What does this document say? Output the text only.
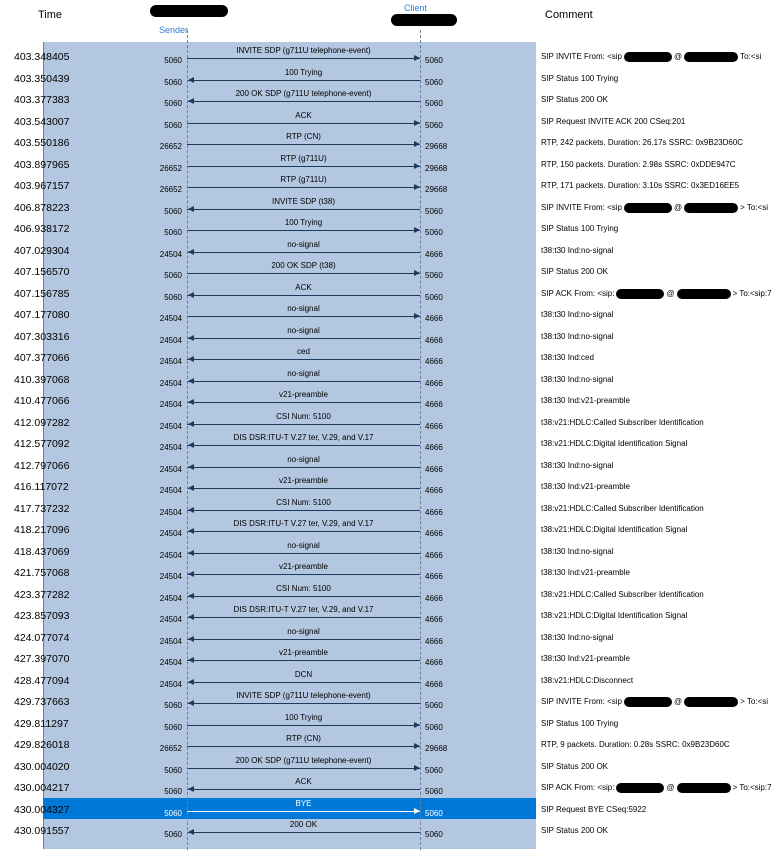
Time	Comment
Sender
Client
403.348405	5060
INVITE SDP (g711U telephone-event)
5060	SIP INVITE From: <sip	@	To:<si
403.350439	5060
100 Trying
5060	SIP Status 100 Trying
403.377383	5060
200 OK SDP (g711U telephone-event)
5060	SIP Status 200 OK
403.543007	5060
ACK
5060	SIP Request INVITE ACK 200 CSeq:201
403.550186	26652
RTP (CN)
29668	RTP, 242 packets. Duration: 26.17s SSRC: 0x9B23D60C
403.897965	26652
RTP (g711U)
29668	RTP, 150 packets. Duration: 2.98s SSRC: 0xDDE947C
403.967157	26652
RTP (g711U)
29668	RTP, 171 packets. Duration: 3.10s SSRC: 0x3ED16EE5
406.878223	5060
INVITE SDP (t38)
5060	SIP INVITE From: <sip	@	> To:<si
406.938172	5060
100 Trying
5060	SIP Status 100 Trying
407.029304	24504
no-signal
4666	t38:t30 Ind:no-signal
407.156570	5060
200 OK SDP (t38)
5060	SIP Status 200 OK
407.156785	5060
ACK
5060	SIP ACK From: <sip:	@	> To:<sip:7
407.177080	24504
no-signal
4666	t38:t30 Ind:no-signal
407.303316	24504
no-signal
4666	t38:t30 Ind:no-signal
407.377066	24504
ced
4666	t38:t30 Ind:ced
410.397068	24504
no-signal
4666	t38:t30 Ind:no-signal
410.477066	24504
v21-preamble
4666	t38:t30 Ind:v21-preamble
412.097282	24504
CSI Num: 5100
4666	t38:v21:HDLC:Called Subscriber Identification
412.577092	24504
DIS DSR:ITU-T V.27 ter, V.29, and V.17
4666	t38:v21:HDLC:Digital Identification Signal
412.797066	24504
no-signal
4666	t38:t30 Ind:no-signal
416.117072	24504
v21-preamble
4666	t38:t30 Ind:v21-preamble
417.737232	24504
CSI Num: 5100
4666	t38:v21:HDLC:Called Subscriber Identification
418.217096	24504
DIS DSR:ITU-T V.27 ter, V.29, and V.17
4666	t38:v21:HDLC:Digital Identification Signal
418.437069	24504
no-signal
4666	t38:t30 Ind:no-signal
421.757068	24504
v21-preamble
4666	t38:t30 Ind:v21-preamble
423.377282	24504
CSI Num: 5100
4666	t38:v21:HDLC:Called Subscriber Identification
423.857093	24504
DIS DSR:ITU-T V.27 ter, V.29, and V.17
4666	t38:v21:HDLC:Digital Identification Signal
424.077074	24504
no-signal
4666	t38:t30 Ind:no-signal
427.397070	24504
v21-preamble
4666	t38:t30 Ind:v21-preamble
428.477094	24504
DCN
4666	t38:v21:HDLC:Disconnect
429.737663	5060
INVITE SDP (g711U telephone-event)
5060	SIP INVITE From: <sip	@	> To:<si
429.811297	5060
100 Trying
5060	SIP Status 100 Trying
429.826018	26652
RTP (CN)
29668	RTP, 9 packets. Duration: 0.28s SSRC: 0x9B23D60C
430.004020	5060
200 OK SDP (g711U telephone-event)
5060	SIP Status 200 OK
430.004217	5060
ACK
5060	SIP ACK From: <sip:	@	> To:<sip:7
430.004327	5060
BYE
5060	SIP Request BYE CSeq:5922
430.091557	5060
200 OK
5060	SIP Status 200 OK
